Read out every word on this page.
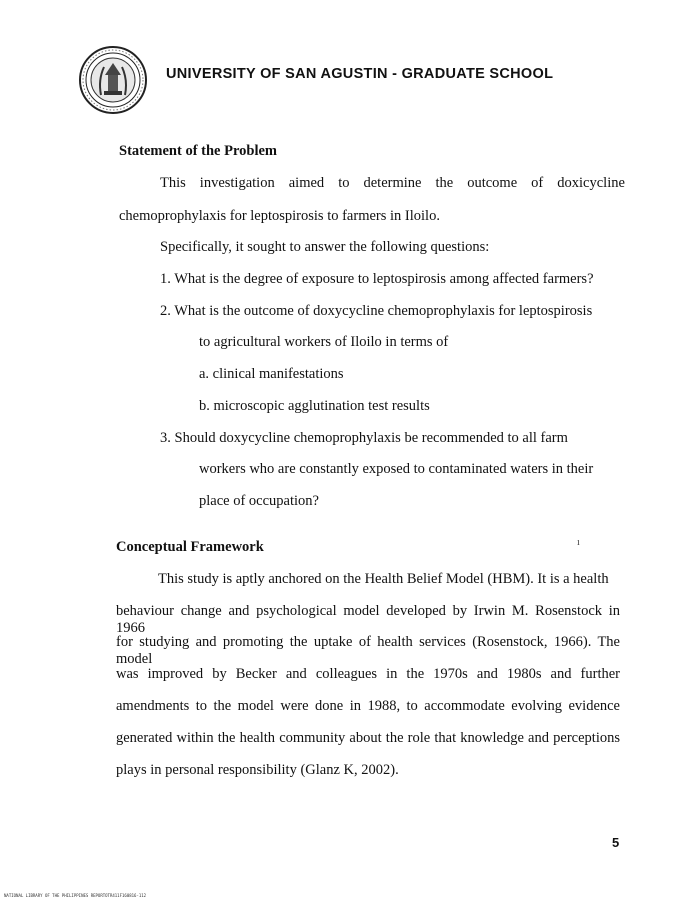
UNIVERSITY OF SAN AGUSTIN - GRADUATE SCHOOL
Statement of the Problem
This investigation aimed to determine the outcome of doxicycline
chemoprophylaxis for leptospirosis to farmers in Iloilo.
Specifically, it sought to answer the following questions:
1. What is the degree of exposure to leptospirosis among affected farmers?
2. What is the outcome of doxycycline chemoprophylaxis for leptospirosis
to agricultural workers of Iloilo in terms of
a. clinical manifestations
b. microscopic agglutination test results
3. Should doxycycline chemoprophylaxis be recommended to all farm
workers who are constantly exposed to contaminated waters in their
place of occupation?
Conceptual Framework
This study is aptly anchored on the Health Belief Model (HBM). It is a health
behaviour change and psychological model developed by Irwin M. Rosenstock in 1966
for studying and promoting the uptake of health services (Rosenstock, 1966). The model
was improved by Becker and colleagues in the 1970s and 1980s and further
amendments to the model were done in 1988, to accommodate evolving evidence
generated within the health community about the role that knowledge and perceptions
plays in personal responsibility (Glanz K, 2002).
ı
5
NATIONAL LIBRARY OF THE PHILIPPINES REPORTOTR411F160816-112
